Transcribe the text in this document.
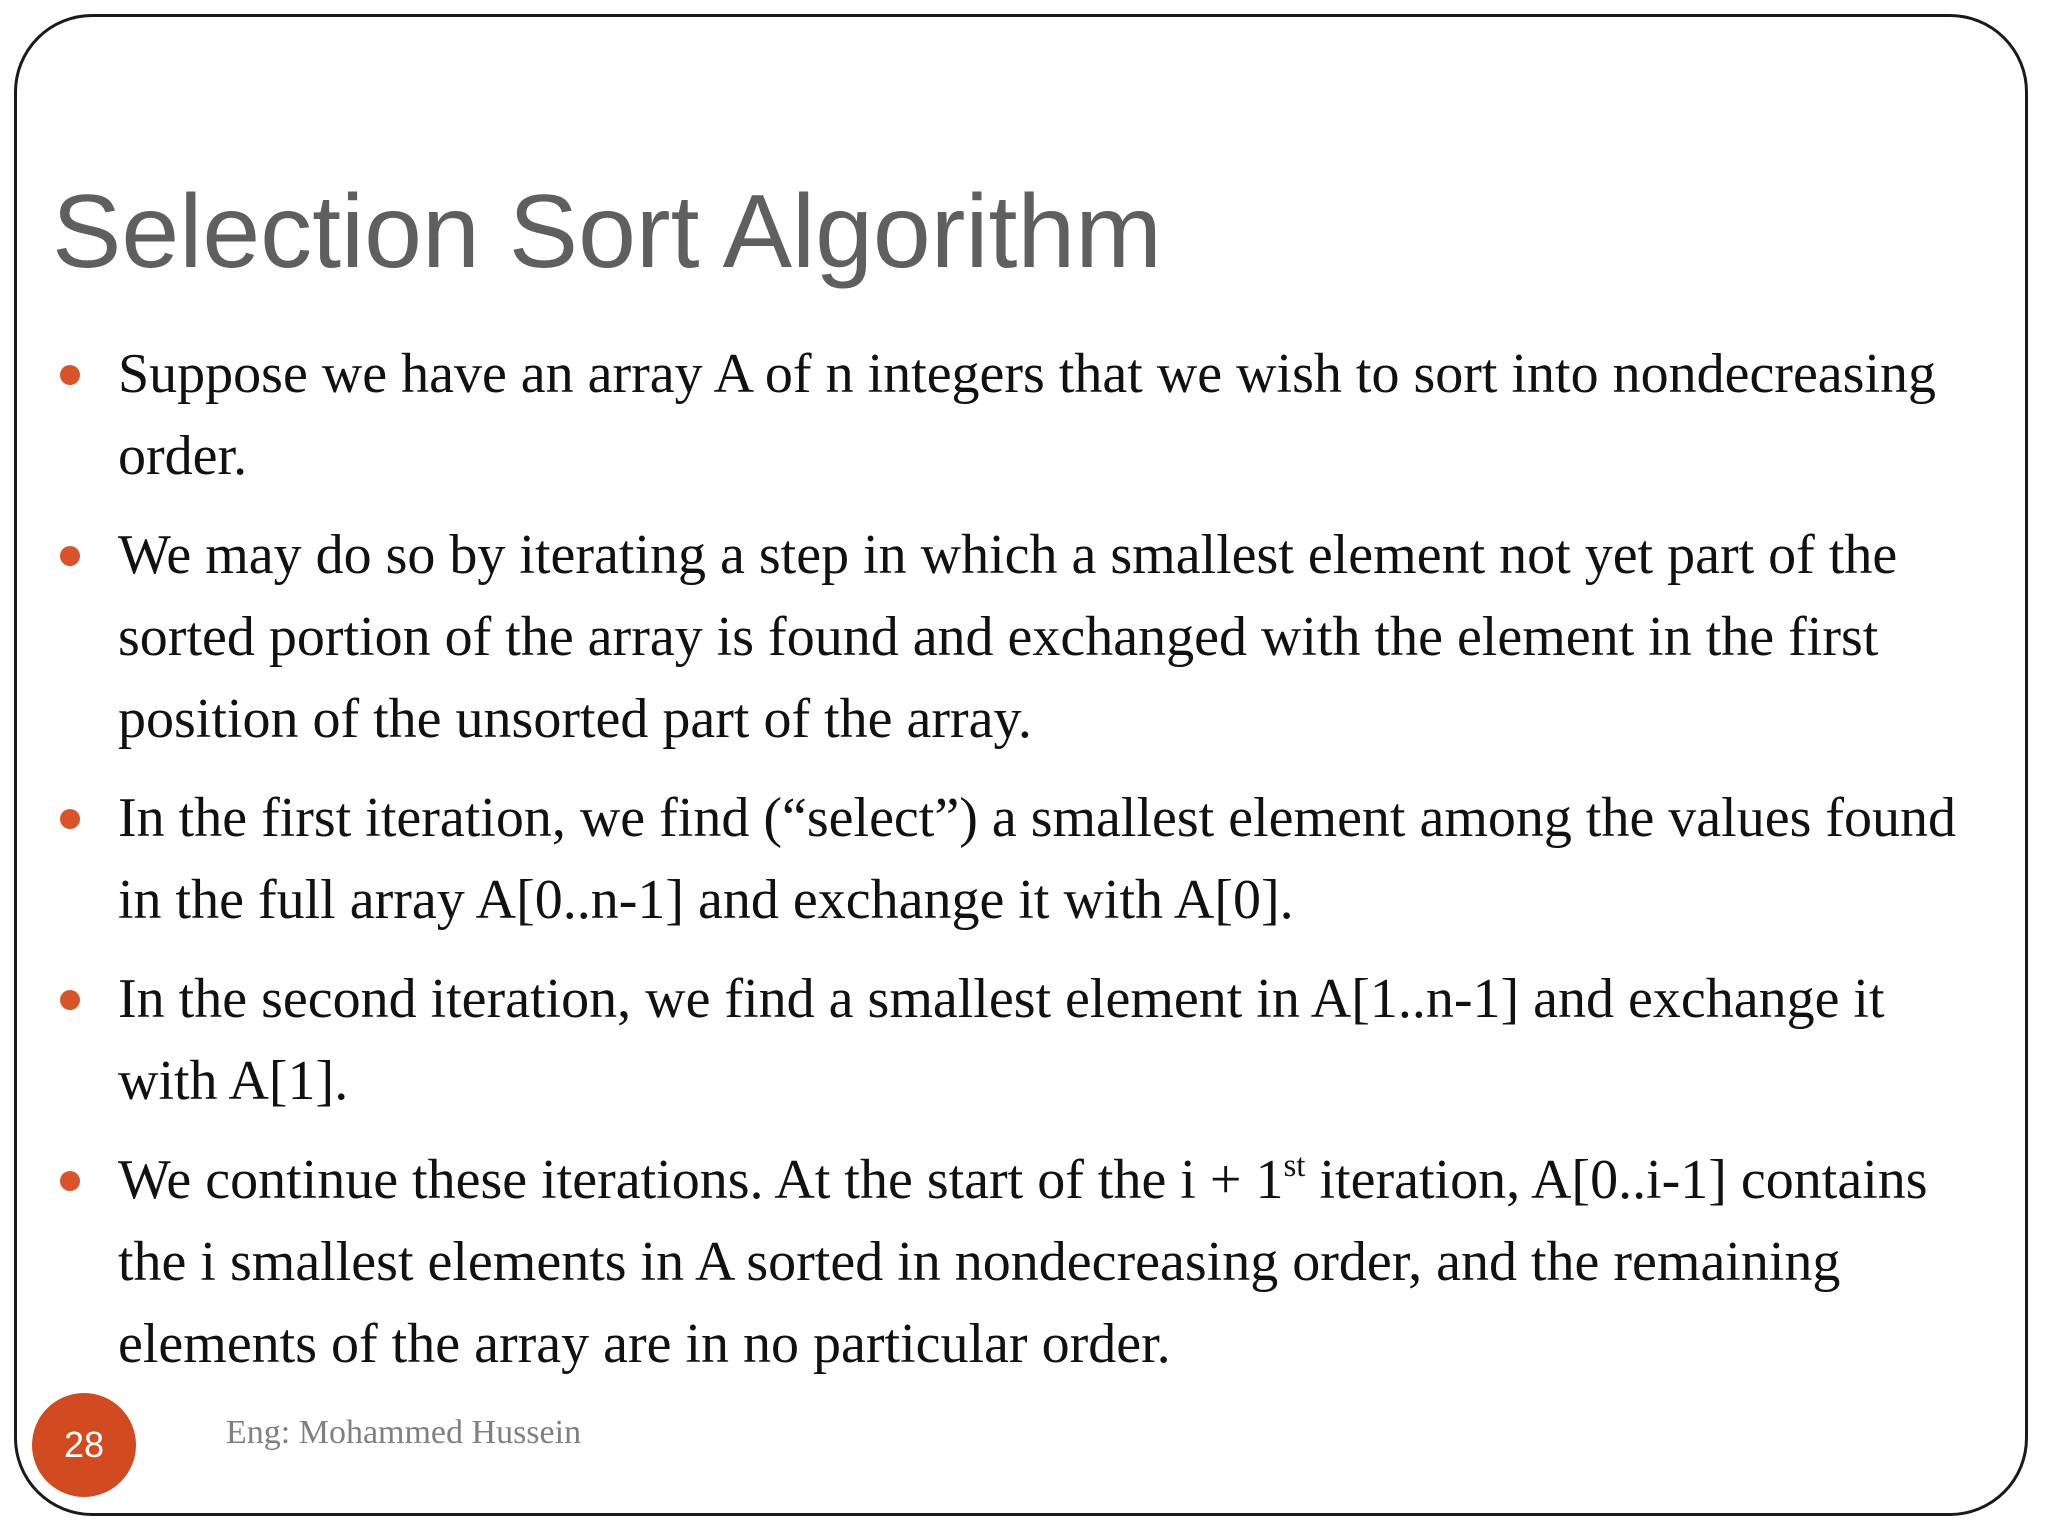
Selection Sort Algorithm
Suppose we have an array A of n integers that we wish to sort into nondecreasing order.
We may do so by iterating a step in which a smallest element not yet part of the sorted portion of the array is found and exchanged with the element in the first position of the unsorted part of the array.
In the first iteration, we find (“select”) a smallest element among the values found in the full array A[0..n-1] and exchange it with A[0].
In the second iteration, we find a smallest element in A[1..n-1] and exchange it with A[1].
We continue these iterations. At the start of the i + 1st iteration, A[0..i-1] contains the i smallest elements in A sorted in nondecreasing order, and the remaining elements of the array are in no particular order.
28	Eng: Mohammed Hussein
